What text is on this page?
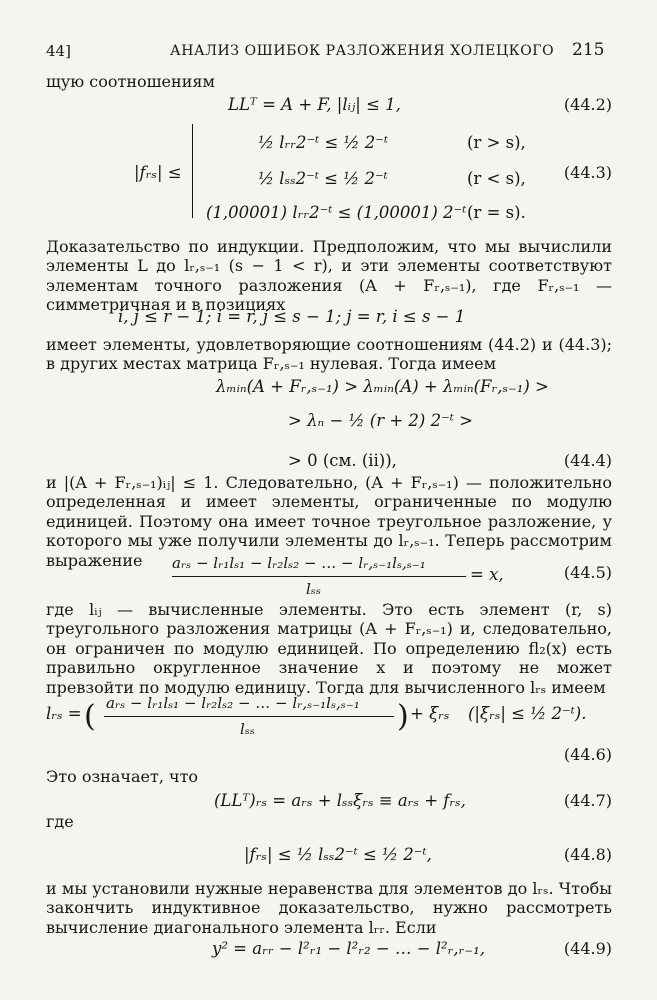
44]	АНАЛИЗ ОШИБОК РАЗЛОЖЕНИЯ ХОЛЕЦКОГО 215
щую соотношениям
LLᵀ = A + F, |lᵢⱼ| ≤ 1,	(44.2)
|fᵣₛ| ≤
½ lᵣᵣ2⁻ᵗ ≤ ½ 2⁻ᵗ	(r > s),
½ lₛₛ2⁻ᵗ ≤ ½ 2⁻ᵗ	(r < s),
(1,00001) lᵣᵣ2⁻ᵗ ≤ (1,00001) 2⁻ᵗ (r = s).
(44.3)
Доказательство по индукции. Предположим, что мы вычислили элементы L до lᵣ,ₛ₋₁ (s − 1 < r), и эти элементы соответствуют элементам точного разложения (A + Fᵣ,ₛ₋₁), где Fᵣ,ₛ₋₁ — симметричная и в позициях
i, j ≤ r − 1; i = r, j ≤ s − 1; j = r, i ≤ s − 1
имеет элементы, удовлетворяющие соотношениям (44.2) и (44.3); в других местах матрица Fᵣ,ₛ₋₁ нулевая. Тогда имеем
λₘᵢₙ(A + Fᵣ,ₛ₋₁) > λₘᵢₙ(A) + λₘᵢₙ(Fᵣ,ₛ₋₁) >
> λₙ − ½ (r + 2) 2⁻ᵗ >
> 0 (см. (ii)),	(44.4)
и |(A + Fᵣ,ₛ₋₁)ᵢⱼ| ≤ 1. Следовательно, (A + Fᵣ,ₛ₋₁) — положительно определенная и имеет элементы, ограниченные по модулю единицей. Поэтому она имеет точное треугольное разложение, у которого мы уже получили элементы до lᵣ,ₛ₋₁. Теперь рассмотрим выражение	aᵣₛ − lᵣ₁lₛ₁ − lᵣ₂lₛ₂ − … − lᵣ,ₛ₋₁lₛ,ₛ₋₁
lₛₛ
= x,	(44.5)
где lᵢⱼ — вычисленные элементы. Это есть элемент (r, s) треугольного разложения матрицы (A + Fᵣ,ₛ₋₁) и, следовательно, он ограничен по модулю единицей. По определению fl₂(x) есть правильно округленное значение x и поэтому не может превзойти по модулю единицу. Тогда для вычисленного lᵣₛ имеем
lᵣₛ = ( aᵣₛ − lᵣ₁lₛ₁ − lᵣ₂lₛ₂ − … − lᵣ,ₛ₋₁lₛ,ₛ₋₁
lₛₛ	) + ξᵣₛ (|ξᵣₛ| ≤ ½ 2⁻ᵗ).
(44.6)
Это означает, что
(LLᵀ)ᵣₛ = aᵣₛ + lₛₛξᵣₛ ≡ aᵣₛ + fᵣₛ,	(44.7)
где
|fᵣₛ| ≤ ½ lₛₛ2⁻ᵗ ≤ ½ 2⁻ᵗ,	(44.8)
и мы установили нужные неравенства для элементов до lᵣₛ. Чтобы закончить индуктивное доказательство, нужно рассмотреть вычисление диагонального элемента lᵣᵣ. Если
y² = aᵣᵣ − l²ᵣ₁ − l²ᵣ₂ − … − l²ᵣ,ᵣ₋₁,	(44.9)
